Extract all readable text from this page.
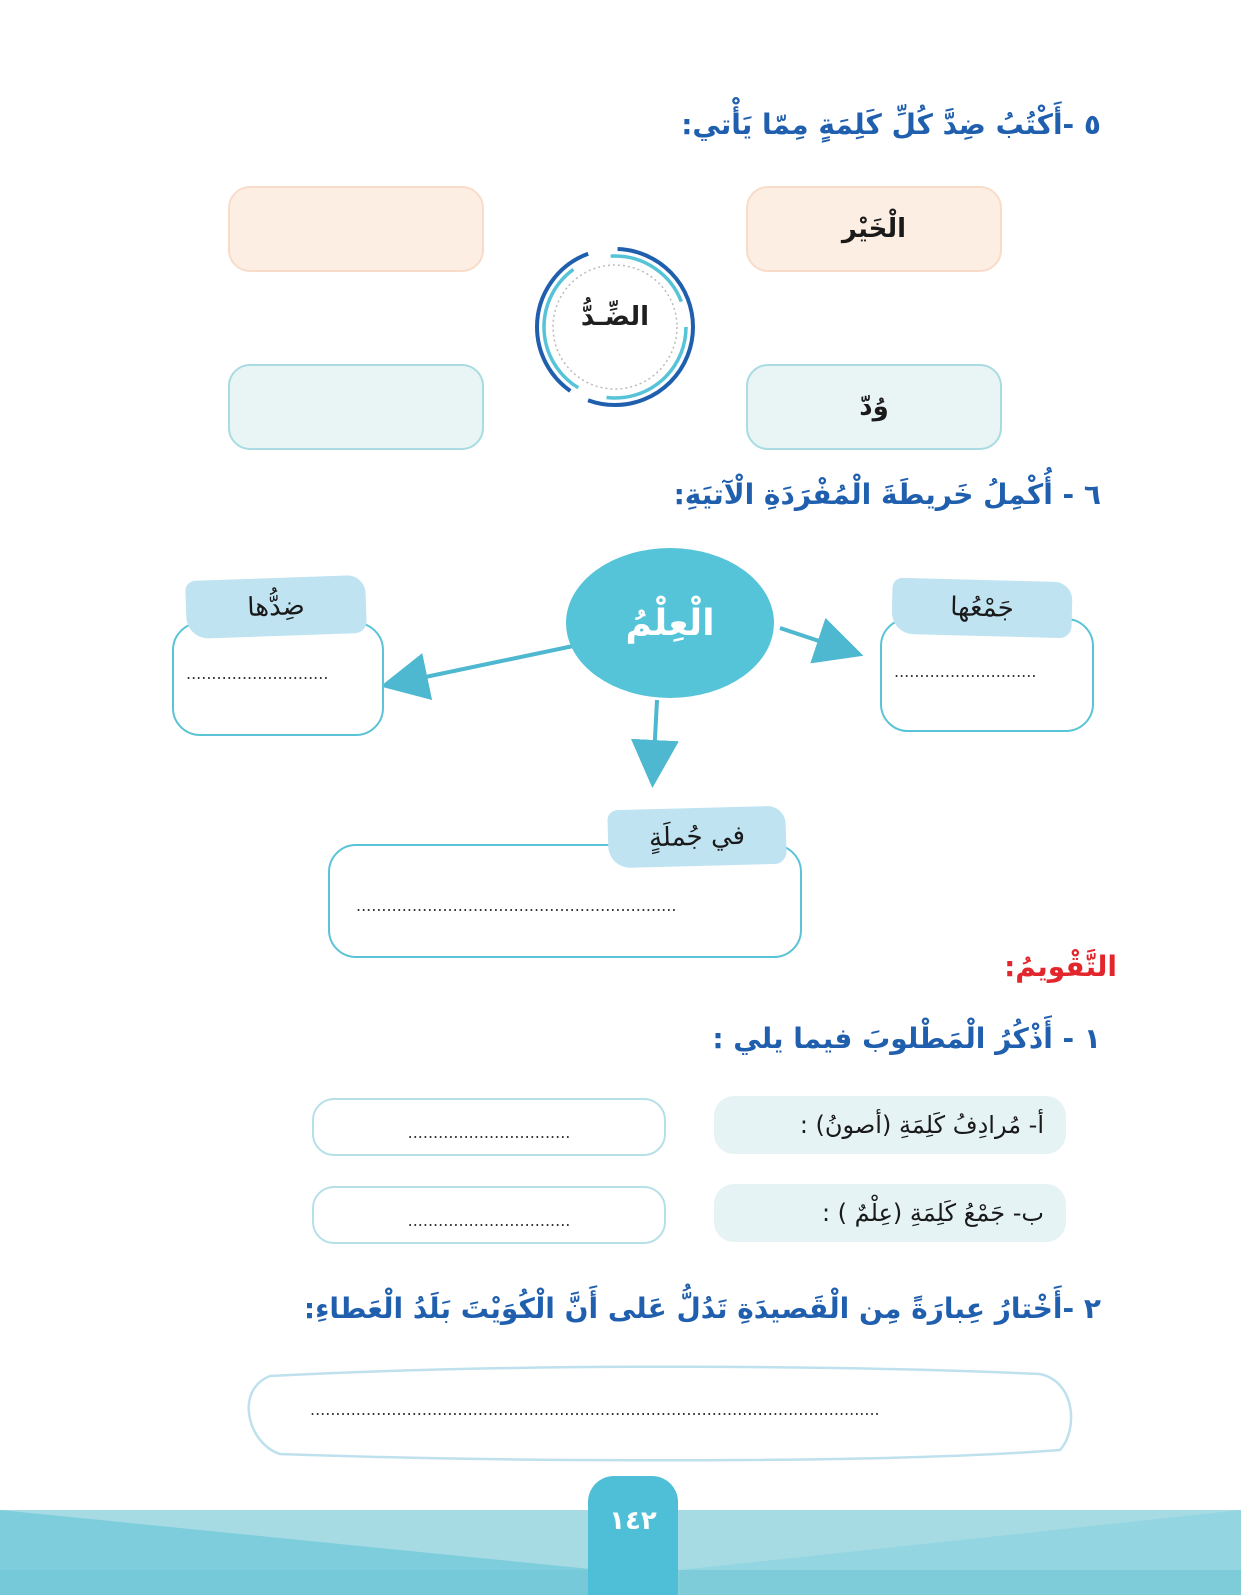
٥ -أَكْتُبُ ضِدَّ كُلِّ كَلِمَةٍ مِمّا يَأْتي:
الْخَيْر
وُدّ
الضِّـدُّ
٦ - أُكْمِلُ خَريطَةَ الْمُفْرَدَةِ الْآتيَةِ:
الْعِلْمُ
............................
ضِدُّها
............................
جَمْعُها
...............................................................
في جُملَةٍ
التَّقْويمُ:
١ - أَذْكُرُ الْمَطْلوبَ فيما يلي :
أ- مُرادِفُ كَلِمَةِ (أصونُ) :
................................
ب- جَمْعُ كَلِمَةِ (عِلْمٌ ) :
................................
٢ -أَخْتارُ عِبارَةً مِن الْقَصيدَةِ تَدُلُّ عَلى أَنَّ الْكُوَيْتَ بَلَدُ الْعَطاءِ:
................................................................................................................
١٤٢
